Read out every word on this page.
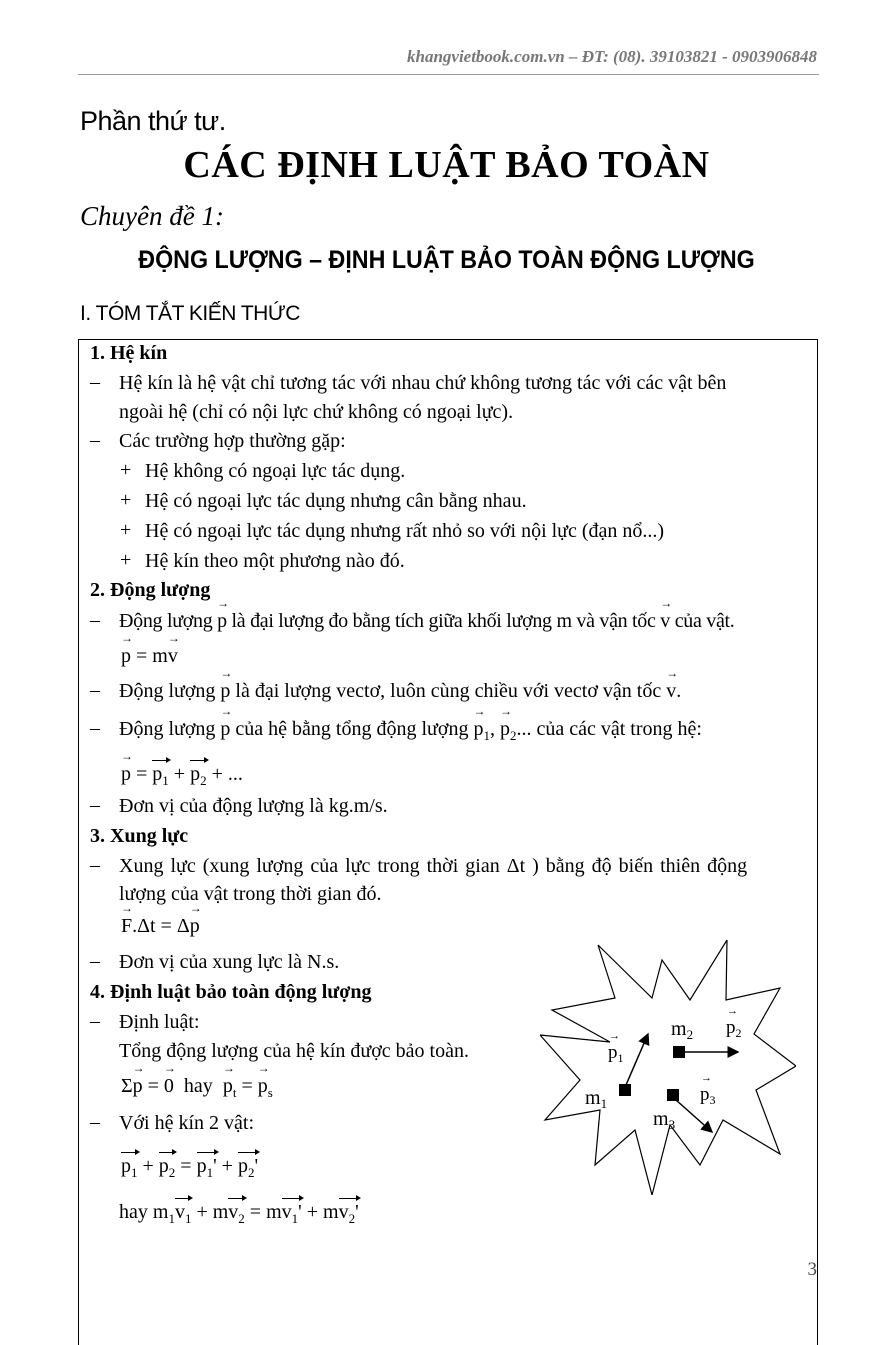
khangvietbook.com.vn – ĐT: (08). 39103821 - 0903906848
Phần thứ tư.
CÁC ĐỊNH LUẬT BẢO TOÀN
Chuyên đề 1:
ĐỘNG LƯỢNG – ĐỊNH LUẬT BẢO TOÀN ĐỘNG LƯỢNG
I. TÓM TẮT KIẾN THỨC
1. Hệ kín
– Hệ kín là hệ vật chỉ tương tác với nhau chứ không tương tác với các vật bên
ngoài hệ (chỉ có nội lực chứ không có ngoại lực).
– Các trường hợp thường gặp:
+ Hệ không có ngoại lực tác dụng.
+ Hệ có ngoại lực tác dụng nhưng cân bằng nhau.
+ Hệ có ngoại lực tác dụng nhưng rất nhỏ so với nội lực (đạn nổ...)
+ Hệ kín theo một phương nào đó.
2. Động lượng
– Động lượng → p là đại lượng đo bằng tích giữa khối lượng m và vận tốc → v của vật.
→ p = m→ v
– Động lượng → p là đại lượng vectơ, luôn cùng chiều với vectơ vận tốc → v.
– Động lượng → p của hệ bằng tổng động lượng → $p_1$, → $p_2$... của các vật trong hệ:
→ $p = p_1 + p_2$ + ...
– Đơn vị của động lượng là kg.m/s.
3. Xung lực
– Xung lực (xung lượng của lực trong thời gian Δt ) bằng độ biến thiên động
lượng của vật trong thời gian đó.
→ F.Δt = Δ→ p
– Đơn vị của xung lực là N.s.
4. Định luật bảo toàn động lượng
– Định luật:
Tổng động lượng của hệ kín được bảo toàn.
Σ→ p = → 0 hay → $p_t$ = → $p_s$
– Với hệ kín 2 vật:
$p_1 + p_2 = p_1' + p_2'$
hay $m_1v_1 + mv_2 = mv_1' + mv_2'$
$m_1$
$m_2$
$m_3$
$p_1$
→	$p_2$
→
$p_3$
→
3
